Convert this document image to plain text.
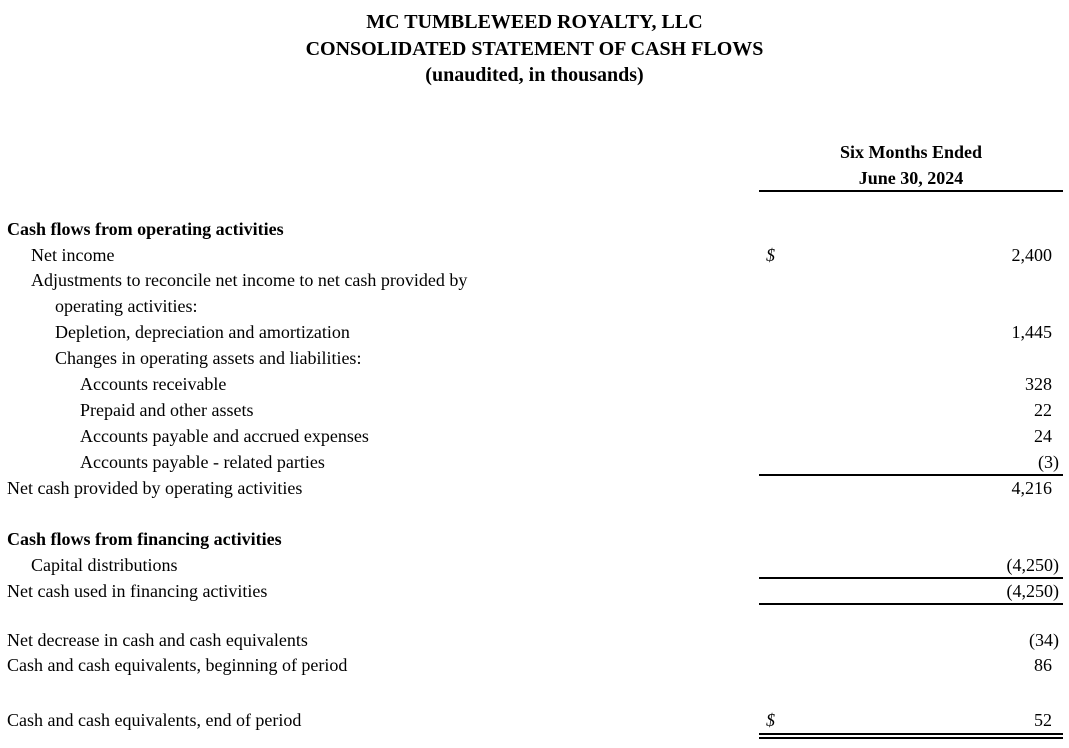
MC TUMBLEWEED ROYALTY, LLC
CONSOLIDATED STATEMENT OF CASH FLOWS
(unaudited, in thousands)
Six Months Ended
June 30, 2024
Cash flows from operating activities
Net income	$	2,400
Adjustments to reconcile net income to net cash provided by
operating activities:
Depletion, depreciation and amortization	1,445
Changes in operating assets and liabilities:
Accounts receivable	328
Prepaid and other assets	22
Accounts payable and accrued expenses	24
Accounts payable - related parties	(3)
Net cash provided by operating activities	4,216
Cash flows from financing activities
Capital distributions	(4,250)
Net cash used in financing activities	(4,250)
Net decrease in cash and cash equivalents	(34)
Cash and cash equivalents, beginning of period	86
Cash and cash equivalents, end of period	$	52
